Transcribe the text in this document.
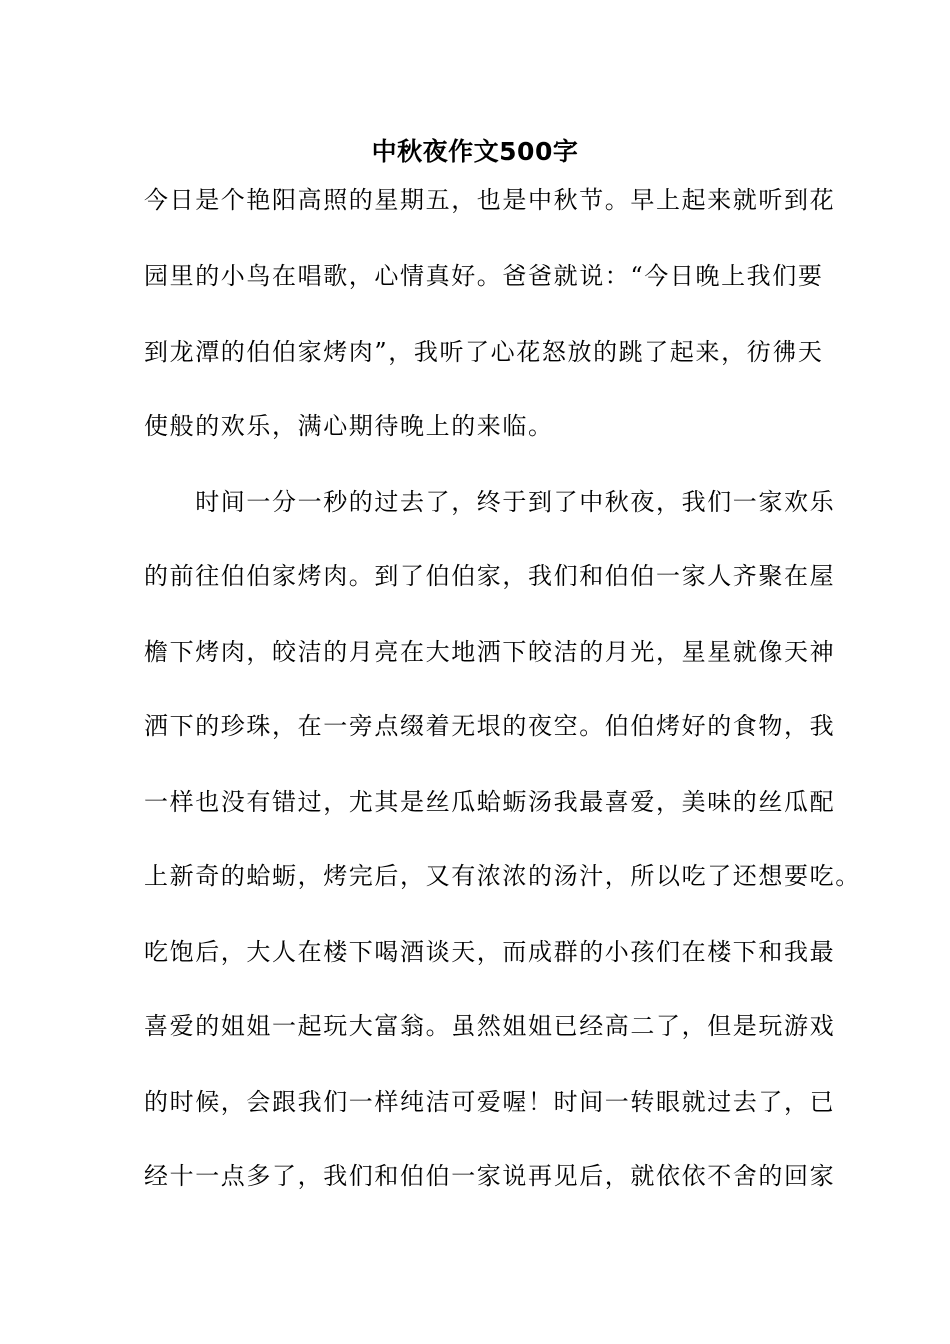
中秋夜作文500字
今日是个艳阳高照的星期五，也是中秋节。早上起来就听到花
园里的小鸟在唱歌，心情真好。爸爸就说：“今日晚上我们要
到龙潭的伯伯家烤肉”，我听了心花怒放的跳了起来，彷彿天
使般的欢乐，满心期待晚上的来临。
　　时间一分一秒的过去了，终于到了中秋夜，我们一家欢乐
的前往伯伯家烤肉。到了伯伯家，我们和伯伯一家人齐聚在屋
檐下烤肉，皎洁的月亮在大地洒下皎洁的月光，星星就像天神
洒下的珍珠，在一旁点缀着无垠的夜空。伯伯烤好的食物，我
一样也没有错过，尤其是丝瓜蛤蛎汤我最喜爱，美味的丝瓜配
上新奇的蛤蛎，烤完后，又有浓浓的汤汁，所以吃了还想要吃。
吃饱后，大人在楼下喝酒谈天，而成群的小孩们在楼下和我最
喜爱的姐姐一起玩大富翁。虽然姐姐已经高二了，但是玩游戏
的时候，会跟我们一样纯洁可爱喔！时间一转眼就过去了，已
经十一点多了，我们和伯伯一家说再见后，就依依不舍的回家
